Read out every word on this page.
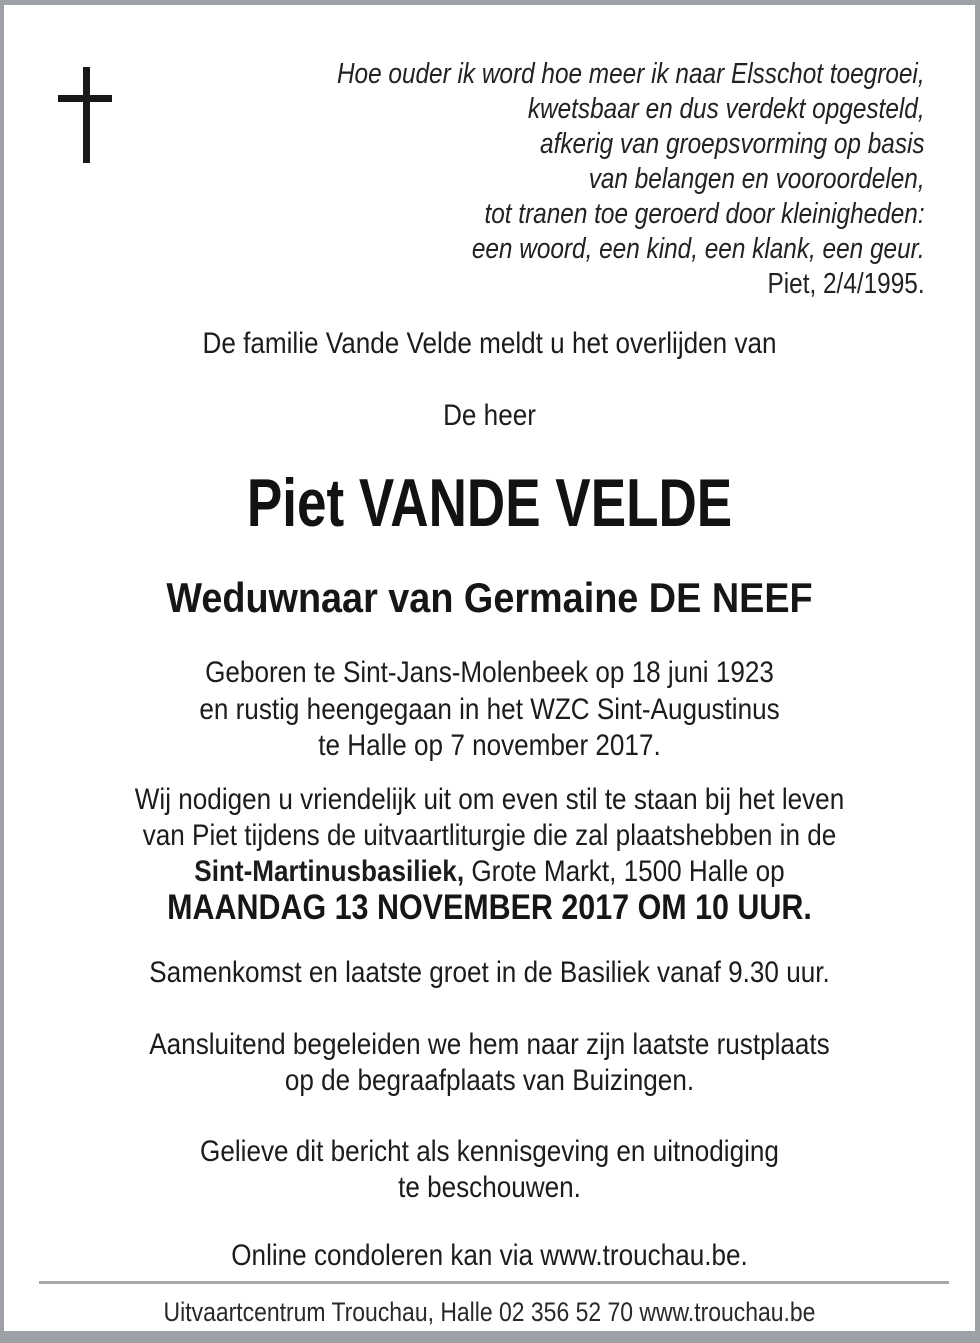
Hoe ouder ik word hoe meer ik naar Elsschot toegroei,
kwetsbaar en dus verdekt opgesteld,
afkerig van groepsvorming op basis
van belangen en vooroordelen,
tot tranen toe geroerd door kleinigheden:
een woord, een kind, een klank, een geur.
Piet, 2/4/1995.
De familie Vande Velde meldt u het overlijden van
De heer
Piet VANDE VELDE
Weduwnaar van Germaine DE NEEF
Geboren te Sint-Jans-Molenbeek op 18 juni 1923
en rustig heengegaan in het WZC Sint-Augustinus
te Halle op 7 november 2017.
Wij nodigen u vriendelijk uit om even stil te staan bij het leven
van Piet tijdens de uitvaartliturgie die zal plaatshebben in de
Sint-Martinusbasiliek, Grote Markt, 1500 Halle op
MAANDAG 13 NOVEMBER 2017 OM 10 UUR.
Samenkomst en laatste groet in de Basiliek vanaf 9.30 uur.
Aansluitend begeleiden we hem naar zijn laatste rustplaats
op de begraafplaats van Buizingen.
Gelieve dit bericht als kennisgeving en uitnodiging
te beschouwen.
Online condoleren kan via www.trouchau.be.
Uitvaartcentrum Trouchau, Halle 02 356 52 70 www.trouchau.be
